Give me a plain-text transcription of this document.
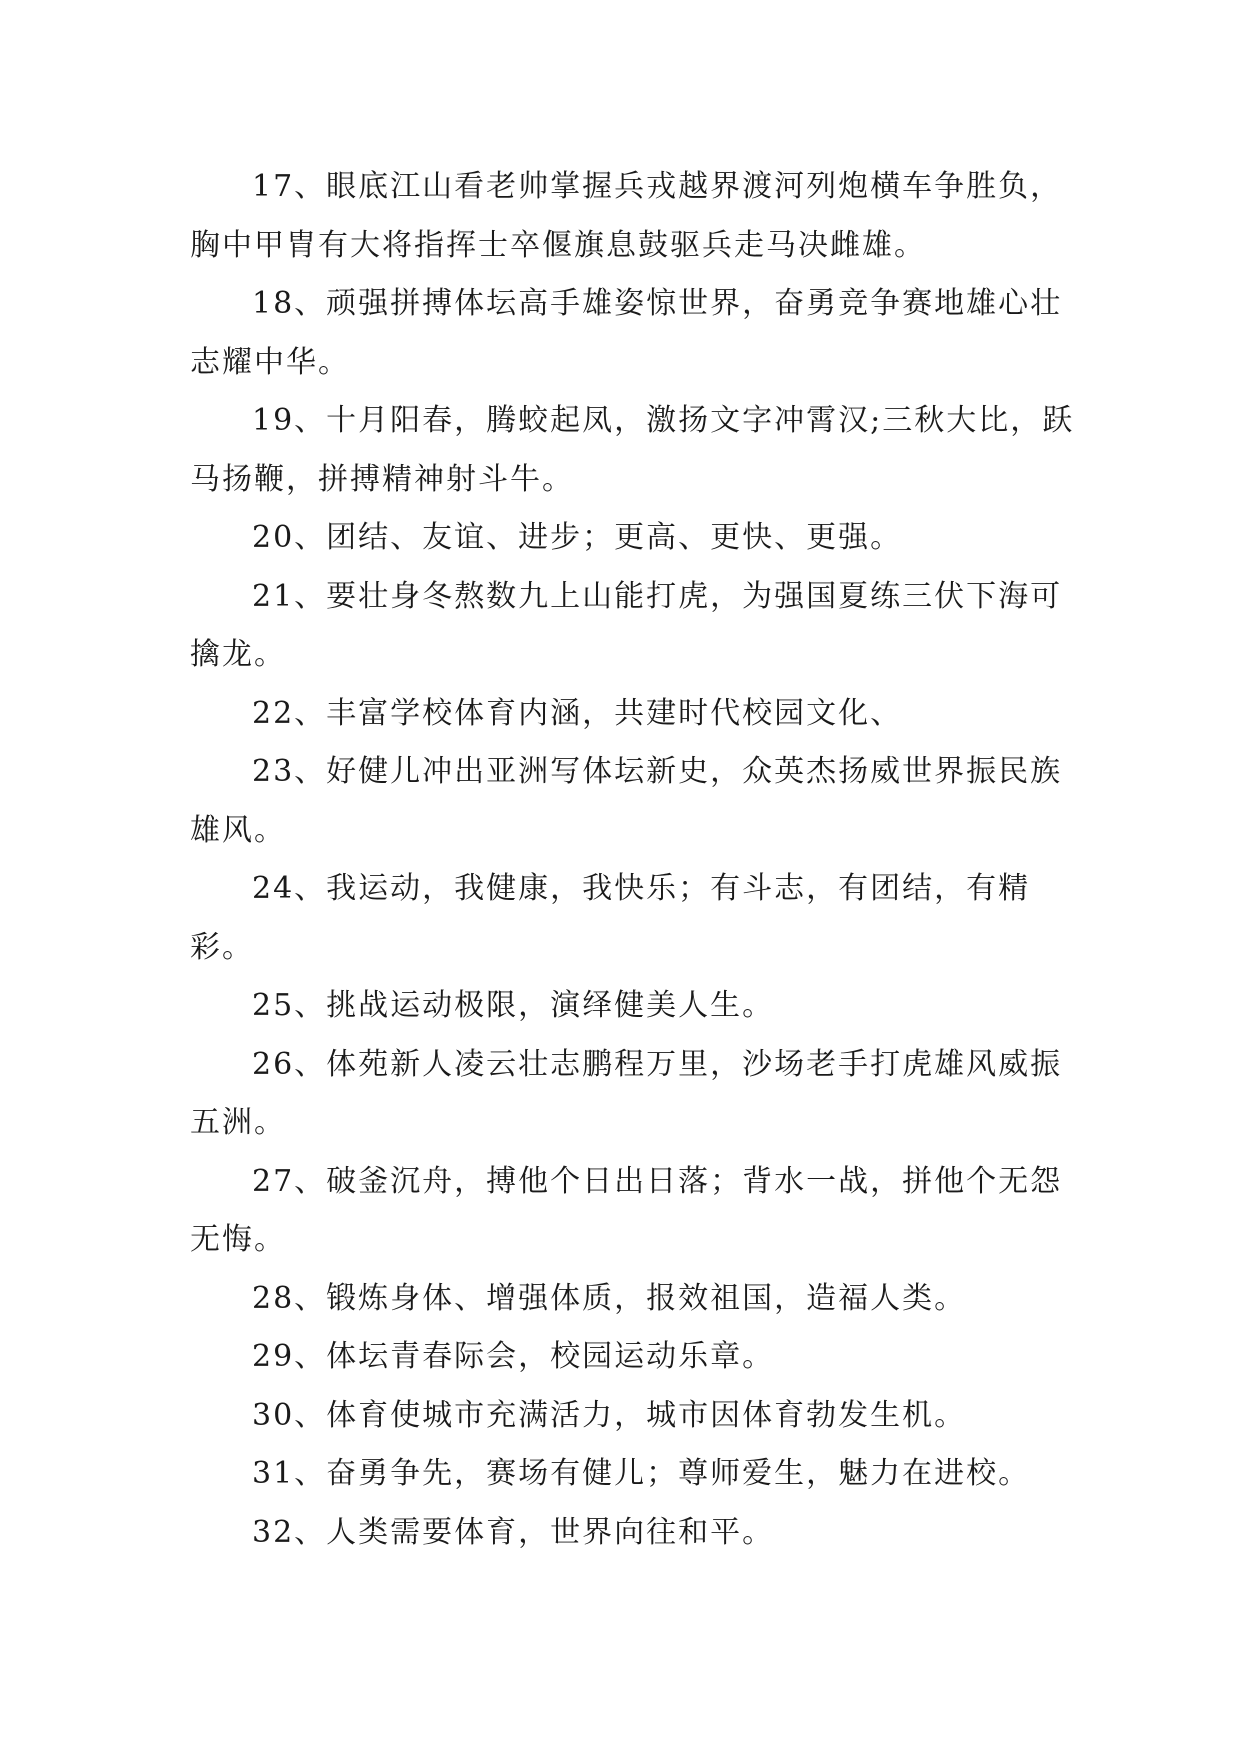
17、眼底江山看老帅掌握兵戎越界渡河列炮横车争胜负，胸中甲胄有大将指挥士卒偃旗息鼓驱兵走马决雌雄。

18、顽强拼搏体坛高手雄姿惊世界，奋勇竞争赛地雄心壮志耀中华。

19、十月阳春，腾蛟起凤，激扬文字冲霄汉;三秋大比，跃马扬鞭，拼搏精神射斗牛。

20、团结、友谊、进步；更高、更快、更强。

21、要壮身冬熬数九上山能打虎，为强国夏练三伏下海可擒龙。

22、丰富学校体育内涵，共建时代校园文化、

23、好健儿冲出亚洲写体坛新史，众英杰扬威世界振民族雄风。

24、我运动，我健康，我快乐；有斗志，有团结，有精彩。

25、挑战运动极限，演绎健美人生。

26、体苑新人凌云壮志鹏程万里，沙场老手打虎雄风威振五洲。

27、破釜沉舟，搏他个日出日落；背水一战，拼他个无怨无悔。

28、锻炼身体、增强体质，报效祖国，造福人类。

29、体坛青春际会，校园运动乐章。

30、体育使城市充满活力，城市因体育勃发生机。

31、奋勇争先，赛场有健儿；尊师爱生，魅力在进校。

32、人类需要体育，世界向往和平。
